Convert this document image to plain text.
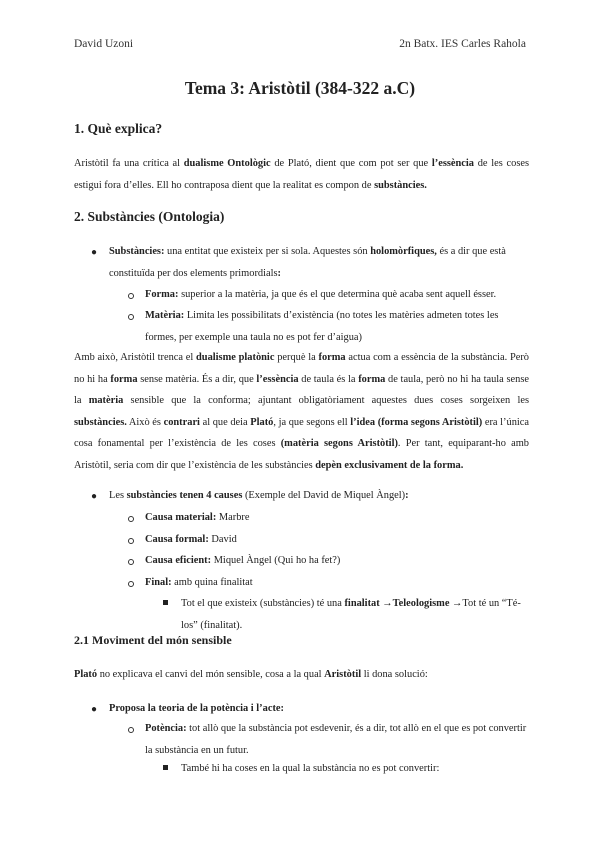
David Uzoni	2n Batx. IES Carles Rahola
Tema 3: Aristòtil (384-322 a.C)
1. Què explica?
Aristòtil fa una crítica al dualisme Ontològic de Plató, dient que com pot ser que l’essència de les coses estigui fora d’elles. Ell ho contraposa dient que la realitat es compon de substàncies.
2. Substàncies (Ontologia)
● Substàncies: una entitat que existeix per si sola. Aquestes són holomòrfiques, és a dir que està constituïda per dos elements primordials:
Forma: superior a la matèria, ja que és el que determina què acaba sent aquell ésser.
Matèria: Limita les possibilitats d’existència (no totes les matèries admeten totes les formes, per exemple una taula no es pot fer d’aigua)
Amb això, Aristòtil trenca el dualisme platònic perquè la forma actua com a essència de la substància. Però no hi ha forma sense matèria. És a dir, que l’essència de taula és la forma de taula, però no hi ha taula sense la matèria sensible que la conforma; ajuntant obligatòriament aquestes dues coses sorgeixen les substàncies. Això és contrari al que deia Plató, ja que segons ell l’idea (forma segons Aristòtil) era l’única cosa fonamental per l’existència de les coses (matèria segons Aristòtil). Per tant, equiparant-ho amb Aristòtil, seria com dir que l’existència de les substàncies depèn exclusivament de la forma.
● Les substàncies tenen 4 causes (Exemple del David de Miquel Àngel):
Causa material: Marbre
Causa formal: David
Causa eficient: Miquel Àngel (Qui ho ha fet?)
Final: amb quina finalitat
Tot el que existeix (substàncies) té una finalitat →Teleologisme →Tot té un “Té-los” (finalitat).
2.1 Moviment del món sensible
Plató no explicava el canvi del món sensible, cosa a la qual Aristòtil li dona solució:
● Proposa la teoria de la potència i l’acte:
Potència: tot allò que la substància pot esdevenir, és a dir, tot allò en el que es pot convertir la substància en un futur.
També hi ha coses en la qual la substància no es pot convertir:
